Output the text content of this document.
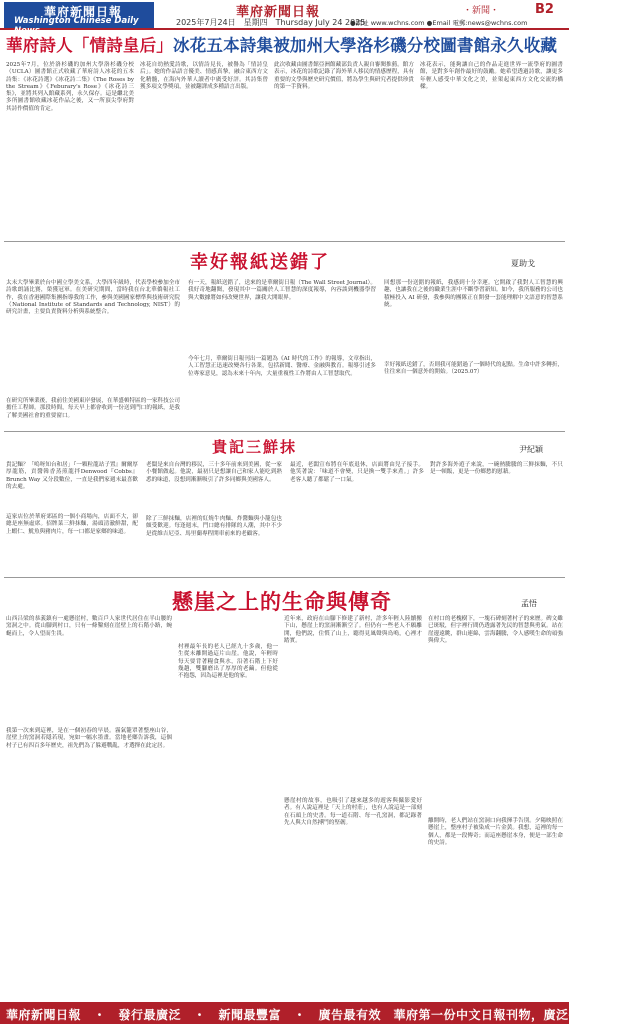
華府新聞日報
Washington Chinese Daily News
華府新聞日報
2025年7月24日　星期四　Thursday July 24 2025
・新聞・	B2
●網址 www.wchns.com ●Email 電郵:news@wchns.com
華府詩人「情詩皇后」冰花五本詩集被加州大學洛杉磯分校圖書館永久收藏
2025年7月，位於洛杉磯的加州大學洛杉磯分校（UCLA）圖書館正式收藏了華府詩人冰花的五本詩集：《冰花詩選》《冰花詩二集》《The Roses by the Stream》《Feburary's Rose》《冰花詩三集》，並將其列入館藏系列，永久保存。這是繼北美多所圖書館收藏冰花作品之後，又一所頂尖學府對其詩作價值的肯定。
冰花自幼熱愛詩歌，以情詩見長，被譽為「情詩皇后」。她的作品語言優美、情感真摯，融合東西方文化精髓，在海內外華人讀者中廣受好評。其詩集曾獲多項文學獎項，並被翻譯成多種語言出版。
此次收藏由圖書館亞洲館藏部負責人親自審閱推薦。館方表示，冰花的詩歌記錄了海外華人移民的情感歷程，具有重要的文學與歷史研究價值，將為學生與研究者提供珍貴的第一手資料。
冰花表示，能夠讓自己的作品走進世界一流學府的圖書館，是對多年創作最好的鼓勵。她希望透過詩歌，讓更多年輕人感受中華文化之美，並架起東西方文化交流的橋樑。
幸好報紙送錯了	夏助戈
太未大學畢業於台中國立學美文系，大學四年級時，代表學校參加全市詩歌朗誦比賽，榮獲冠軍。在美研究期間，當時我在台北華僑報社工作，我在香港國際集團指導我的工作，參與美國國家標準與技術研究院（National Institute of Standards and Technology, NIST）的研究計畫，主要負責資料分析與系統整合。
在研究所畢業後，我前往美國東岸發展，在華盛頓特區的一家科技公司擔任工程師。那段時間，每天早上都會收到一份送到門口的報紙，是我了解美國社會的重要窗口。
有一天，報紙送錯了，送來的是華爾街日報（The Wall Street Journal）。我好奇地翻閱，發現其中一篇關於人工智慧的深度報導，內容談到機器學習與大數據將如何改變世界，讓我大開眼界。
今年七月，華爾街日報刊出一篇題為《AI 時代的工作》的報導，文章指出，人工智慧正迅速改變各行各業，包括新聞、醫療、金融與教育。報導引述多位專家意見，認為未來十年內，大量重複性工作將由人工智慧取代。
回想那一份送錯的報紙，我感到十分幸運。它開啟了我對人工智慧的興趣，也讓我在之後的職業生涯中不斷學習新知。如今，我所服務的公司也積極投入 AI 研發，我參與的團隊正在開發一套能理解中文語意的智慧系統。
幸好報紙送錯了，否則我可能錯過了一個時代的起點。生命中許多轉折，往往來自一個意外的開始。（2025.07）
貴記三鮮抹	尹紀穎
貴記麵？「嗚呀知台和居」『一顆粒龍站子置』爾爾厚厚龍筋，貢醬韓香蒸煎龍拌Denwood『Cobbs』 Brunch Way 又分段數位，一直是我們家週末最喜歡的去處。
這家店位於華府郊區的一個小商場內，店面不大，卻總是座無虛席。招牌菜三鮮抹麵，湯頭清澈鮮甜，配上蝦仁、魷魚與豬肉片，每一口都是家鄉的味道。
老闆是來自台灣的移民，三十多年前來到美國，從一家小餐館做起。他說，最初只是想讓自己和家人能吃到熟悉的味道，沒想到漸漸吸引了許多同鄉與美國客人。
除了三鮮抹麵，店裡的紅燒牛肉麵、炸醬麵與小籠包也頗受歡迎。每逢週末，門口總有排隊的人潮，其中不少是從維吉尼亞、馬里蘭專程開車前來的老顧客。
最近，老闆宣布將在年底退休，店面將由兒子接手。他笑著說：「味道不會變，只是換一雙手來煮。」許多老客人聽了都鬆了一口氣。
對許多海外遊子來說，一碗熱騰騰的三鮮抹麵，不只是一頓飯，更是一份鄉愁的慰藉。
懸崖之上的生命與傳奇	孟悟
山西吕梁的恭義鎮有一處懸崖村，數百戶人家世代居住在半山腰的窯洞之中。從山腳到村口，只有一條鑿刻在崖壁上的石階小路，蜿蜒而上，令人望而生畏。
我第一次來到這裡，是在一個初春的早晨。霧氣籠罩著整座山谷，崖壁上的窯洞若隱若現，宛如一幅水墨畫。當地老鄉告訴我，這個村子已有四百多年歷史，祖先們為了躲避戰亂，才選擇在此定居。
村裡最年長的老人已經九十多歲，他一生從未離開過這片山崖。他說，年輕時每天要背著糧食與水，沿著石階上下好幾趟，雙腳磨出了厚厚的老繭。但他從不抱怨，因為這裡是他的家。
近年來，政府在山腳下修建了新村，許多年輕人陸續搬下山，懸崖上的窯洞漸漸空了。但仍有一些老人不願離開，他們說，住慣了山上，聽得見風聲與鳥鳴，心裡才踏實。
懸崖村的故事，也吸引了越來越多的遊客與攝影愛好者。有人說這裡是「天上的村莊」，也有人說這是一部刻在石頭上的史書。每一道石階、每一孔窯洞，都記錄著先人與大自然搏鬥的堅韌。
在村口的老槐樹下，一塊石碑刻著村子的來歷。碑文雖已斑駁，但字裡行間仍透露著先民的智慧與勇氣。站在崖邊遠眺，群山連綿，雲海翻騰，令人感嘆生命的頑強與偉大。
離開時，老人們站在窯洞口向我揮手告別。夕陽映照在懸崖上，整座村子被染成一片金黃。我想，這裡的每一個人，都是一段傳奇；而這座懸崖本身，便是一部生命的史詩。
華府新聞日報　・　發行最廣泛　・　新聞最豐富　・　廣告最有效　華府第一份中文日報刊物，廣泛傳播生活資訊
